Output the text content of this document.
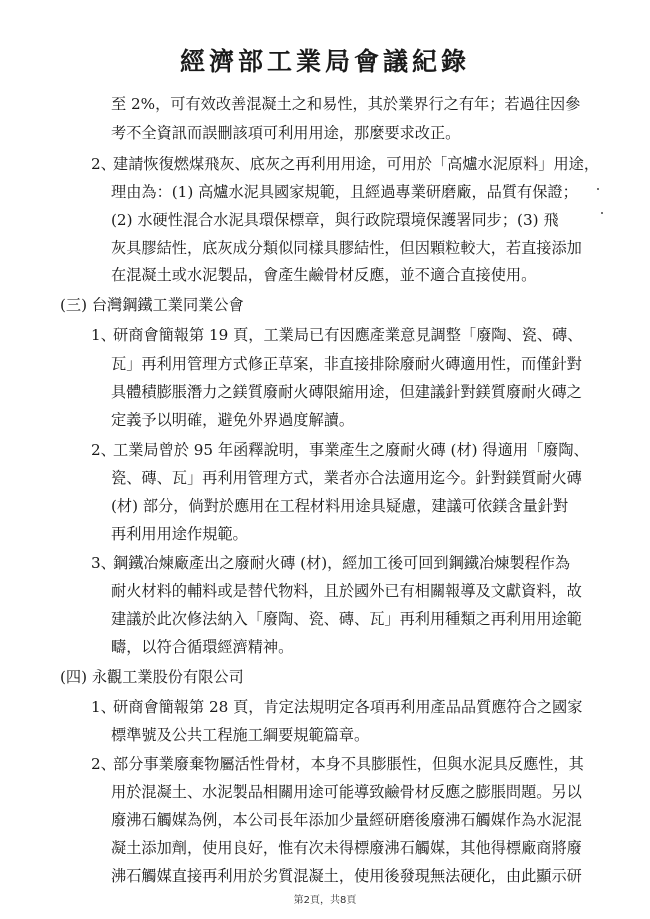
經濟部工業局會議紀錄
至 2%，可有效改善混凝土之和易性，其於業界行之有年；若過往因參
考不全資訊而誤刪該項可利用用途，那麼要求改正。
2、
建請恢復燃煤飛灰、底灰之再利用用途，可用於「高爐水泥原料」用途，
理由為：(1) 高爐水泥具國家規範，且經過專業研磨廠，品質有保證；
(2) 水硬性混合水泥具環保標章，與行政院環境保護署同步；(3) 飛
灰具膠結性，底灰成分類似同樣具膠結性，但因顆粒較大，若直接添加
在混凝土或水泥製品，會產生鹼骨材反應，並不適合直接使用。
(三) 台灣鋼鐵工業同業公會
1、
研商會簡報第 19 頁，工業局已有因應產業意見調整「廢陶、瓷、磚、
瓦」再利用管理方式修正草案，非直接排除廢耐火磚適用性，而僅針對
具體積膨脹潛力之鎂質廢耐火磚限縮用途，但建議針對鎂質廢耐火磚之
定義予以明確，避免外界過度解讀。
2、
工業局曾於 95 年函釋說明，事業產生之廢耐火磚 (材) 得適用「廢陶、
瓷、磚、瓦」再利用管理方式，業者亦合法適用迄今。針對鎂質耐火磚
(材) 部分，倘對於應用在工程材料用途具疑慮，建議可依鎂含量針對
再利用用途作規範。
3、
鋼鐵冶煉廠產出之廢耐火磚 (材)，經加工後可回到鋼鐵冶煉製程作為
耐火材料的輔料或是替代物料，且於國外已有相關報導及文獻資料，故
建議於此次修法納入「廢陶、瓷、磚、瓦」再利用種類之再利用用途範
疇，以符合循環經濟精神。
(四) 永觀工業股份有限公司
1、
研商會簡報第 28 頁，肯定法規明定各項再利用產品品質應符合之國家
標準號及公共工程施工綱要規範篇章。
2、
部分事業廢棄物屬活性骨材，本身不具膨脹性，但與水泥具反應性，其
用於混凝土、水泥製品相關用途可能導致鹼骨材反應之膨脹問題。另以
廢沸石觸媒為例，本公司長年添加少量經研磨後廢沸石觸媒作為水泥混
凝土添加劑，使用良好，惟有次未得標廢沸石觸媒，其他得標廠商將廢
沸石觸媒直接再利用於劣質混凝土，使用後發現無法硬化，由此顯示研
第2頁，共8頁
